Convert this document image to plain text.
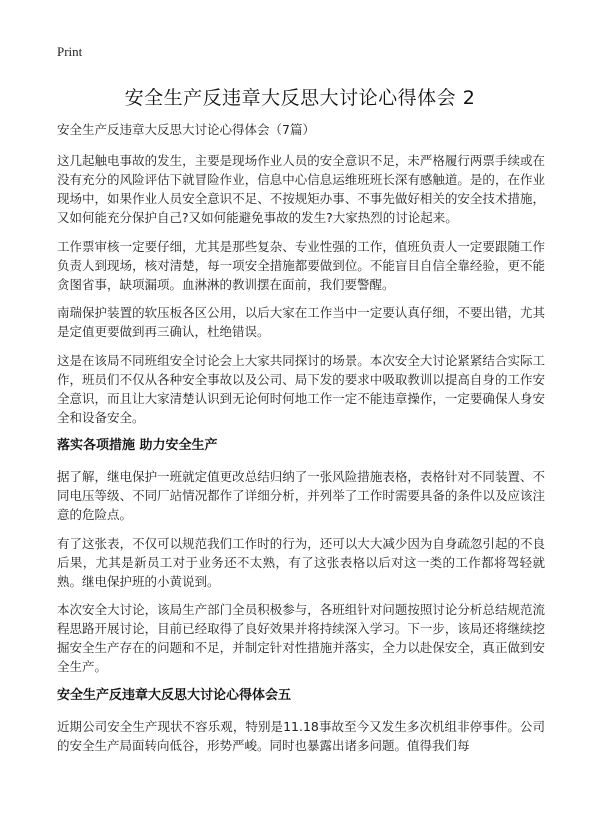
Print
安全生产反违章大反思大讨论心得体会 2
安全生产反违章大反思大讨论心得体会（7篇）

这几起触电事故的发生，主要是现场作业人员的安全意识不足，未严格履行两票手续或在没有充分的风险评估下就冒险作业，信息中心信息运维班班长深有感触道。是的，在作业现场中，如果作业人员安全意识不足、不按规矩办事、不事先做好相关的安全技术措施，又如何能充分保护自己?又如何能避免事故的发生?大家热烈的讨论起来。

工作票审核一定要仔细，尤其是那些复杂、专业性强的工作，值班负责人一定要跟随工作负责人到现场，核对清楚，每一项安全措施都要做到位。不能盲目自信全靠经验，更不能贪图省事，缺项漏项。血淋淋的教训摆在面前，我们要警醒。

南瑞保护装置的软压板各区公用，以后大家在工作当中一定要认真仔细，不要出错，尤其是定值更要做到再三确认，杜绝错误。

这是在该局不同班组安全讨论会上大家共同探讨的场景。本次安全大讨论紧紧结合实际工作，班员们不仅从各种安全事故以及公司、局下发的要求中吸取教训以提高自身的工作安全意识，而且让大家清楚认识到无论何时何地工作一定不能违章操作，一定要确保人身安全和设备安全。

落实各项措施 助力安全生产

据了解，继电保护一班就定值更改总结归纳了一张风险措施表格，表格针对不同装置、不同电压等级、不同厂站情况都作了详细分析，并列举了工作时需要具备的条件以及应该注意的危险点。

有了这张表，不仅可以规范我们工作时的行为，还可以大大减少因为自身疏忽引起的不良后果，尤其是新员工对于业务还不太熟，有了这张表格以后对这一类的工作都将驾轻就熟。继电保护班的小黄说到。

本次安全大讨论，该局生产部门全员积极参与，各班组针对问题按照讨论分析总结规范流程思路开展讨论，目前已经取得了良好效果并将持续深入学习。下一步，该局还将继续挖掘安全生产存在的问题和不足，并制定针对性措施并落实，全力以赴保安全，真正做到安全生产。

安全生产反违章大反思大讨论心得体会五

近期公司安全生产现状不容乐观，特别是11.18事故至今又发生多次机组非停事件。公司的安全生产局面转向低谷，形势严峻。同时也暴露出诸多问题。值得我们每
